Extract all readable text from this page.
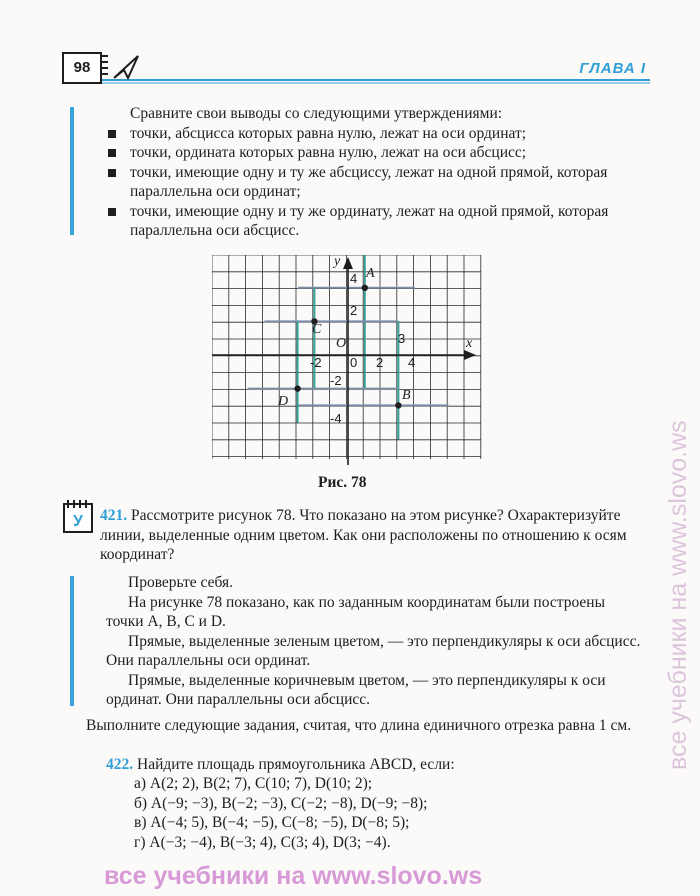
98	ГЛАВА I
Сравните свои выводы со следующими утверждениями:
точки, абсцисса которых равна нулю, лежат на оси ординат;
точки, ордината которых равна нулю, лежат на оси абсцисс;
точки, имеющие одну и ту же абсциссу, лежат на одной прямой, которая параллельна оси ординат;
точки, имеющие одну и ту же ординату, лежат на одной прямой, которая параллельна оси абсцисс.
x
y
O
A
B
C
D
4
2
-2 0 2 4
-2
-4
3
Рис. 78
У 421. Рассмотрите рисунок 78. Что показано на этом рисунке? Охарактеризуйте линии, выделенные одним цветом. Как они расположены по отношению к осям координат?
Проверьте себя.
На рисунке 78 показано, как по заданным координатам были построены точки A, B, C и D.
Прямые, выделенные зеленым цветом, — это перпендикуляры к оси абсцисс. Они параллельны оси ординат.
Прямые, выделенные коричневым цветом, — это перпендикуляры к оси ординат. Они параллельны оси абсцисс.
Выполните следующие задания, считая, что длина единичного отрезка равна 1 см.
422. Найдите площадь прямоугольника ABCD, если:
а) A(2; 2), B(2; 7), C(10; 7), D(10; 2);
б) A(−9; −3), B(−2; −3), C(−2; −8), D(−9; −8);
в) A(−4; 5), B(−4; −5), C(−8; −5), D(−8; 5);
г) A(−3; −4), B(−3; 4), C(3; 4), D(3; −4).
все учебники на www.slovo.ws
все учебники на www.slovo.ws
